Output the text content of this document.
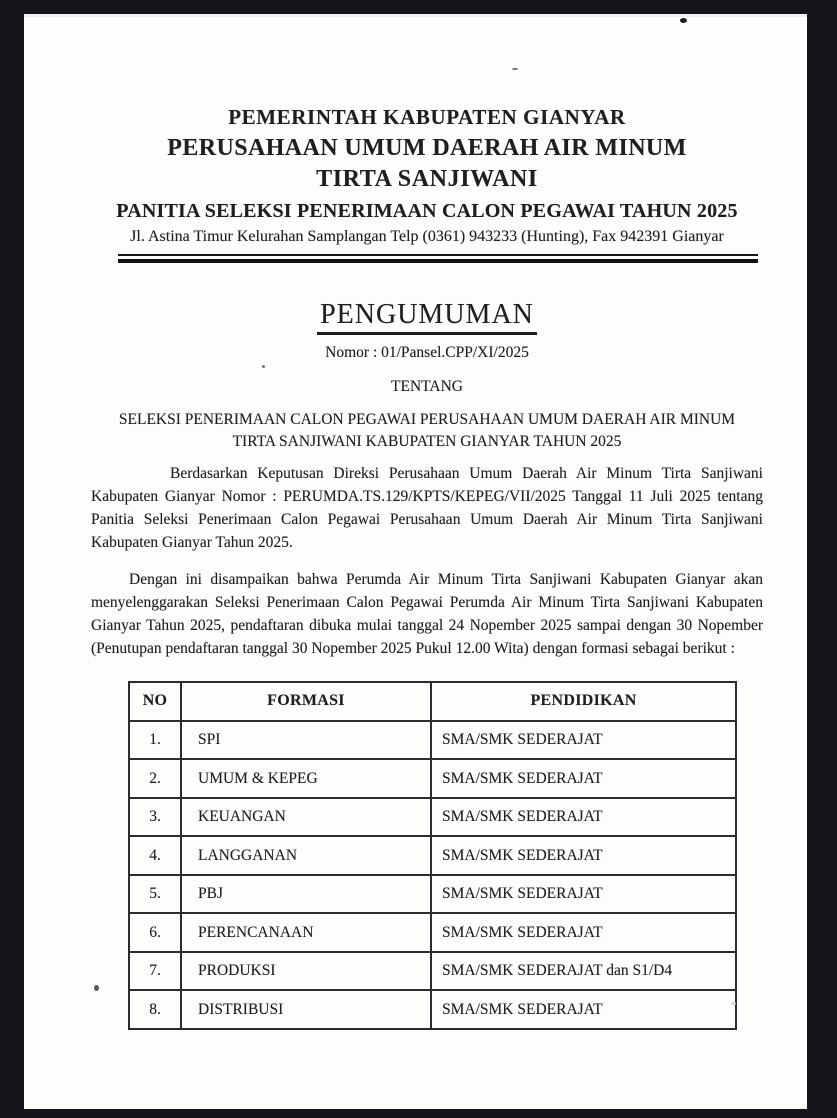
PEMERINTAH KABUPATEN GIANYAR
PERUSAHAAN UMUM DAERAH AIR MINUM
TIRTA SANJIWANI
PANITIA SELEKSI PENERIMAAN CALON PEGAWAI TAHUN 2025
Jl. Astina Timur Kelurahan Samplangan Telp (0361) 943233 (Hunting), Fax 942391 Gianyar
PENGUMUMAN
Nomor : 01/Pansel.CPP/XI/2025
TENTANG
SELEKSI PENERIMAAN CALON PEGAWAI PERUSAHAAN UMUM DAERAH AIR MINUM TIRTA SANJIWANI KABUPATEN GIANYAR TAHUN 2025

Berdasarkan Keputusan Direksi Perusahaan Umum Daerah Air Minum Tirta Sanjiwani Kabupaten Gianyar Nomor : PERUMDA.TS.129/KPTS/KEPEG/VII/2025 Tanggal 11 Juli 2025 tentang Panitia Seleksi Penerimaan Calon Pegawai Perusahaan Umum Daerah Air Minum Tirta Sanjiwani Kabupaten Gianyar Tahun 2025.

Dengan ini disampaikan bahwa Perumda Air Minum Tirta Sanjiwani Kabupaten Gianyar akan menyelenggarakan Seleksi Penerimaan Calon Pegawai Perumda Air Minum Tirta Sanjiwani Kabupaten Gianyar Tahun 2025, pendaftaran dibuka mulai tanggal 24 Nopember 2025 sampai dengan 30 Nopember (Penutupan pendaftaran tanggal 30 Nopember 2025 Pukul 12.00 Wita) dengan formasi sebagai berikut :

NO	FORMASI	PENDIDIKAN
1.	SPI	SMA/SMK SEDERAJAT
2.	UMUM & KEPEG	SMA/SMK SEDERAJAT
3.	KEUANGAN	SMA/SMK SEDERAJAT
4.	LANGGANAN	SMA/SMK SEDERAJAT
5.	PBJ	SMA/SMK SEDERAJAT
6.	PERENCANAAN	SMA/SMK SEDERAJAT
7.	PRODUKSI	SMA/SMK SEDERAJAT dan S1/D4
8.	DISTRIBUSI	SMA/SMK SEDERAJAT
